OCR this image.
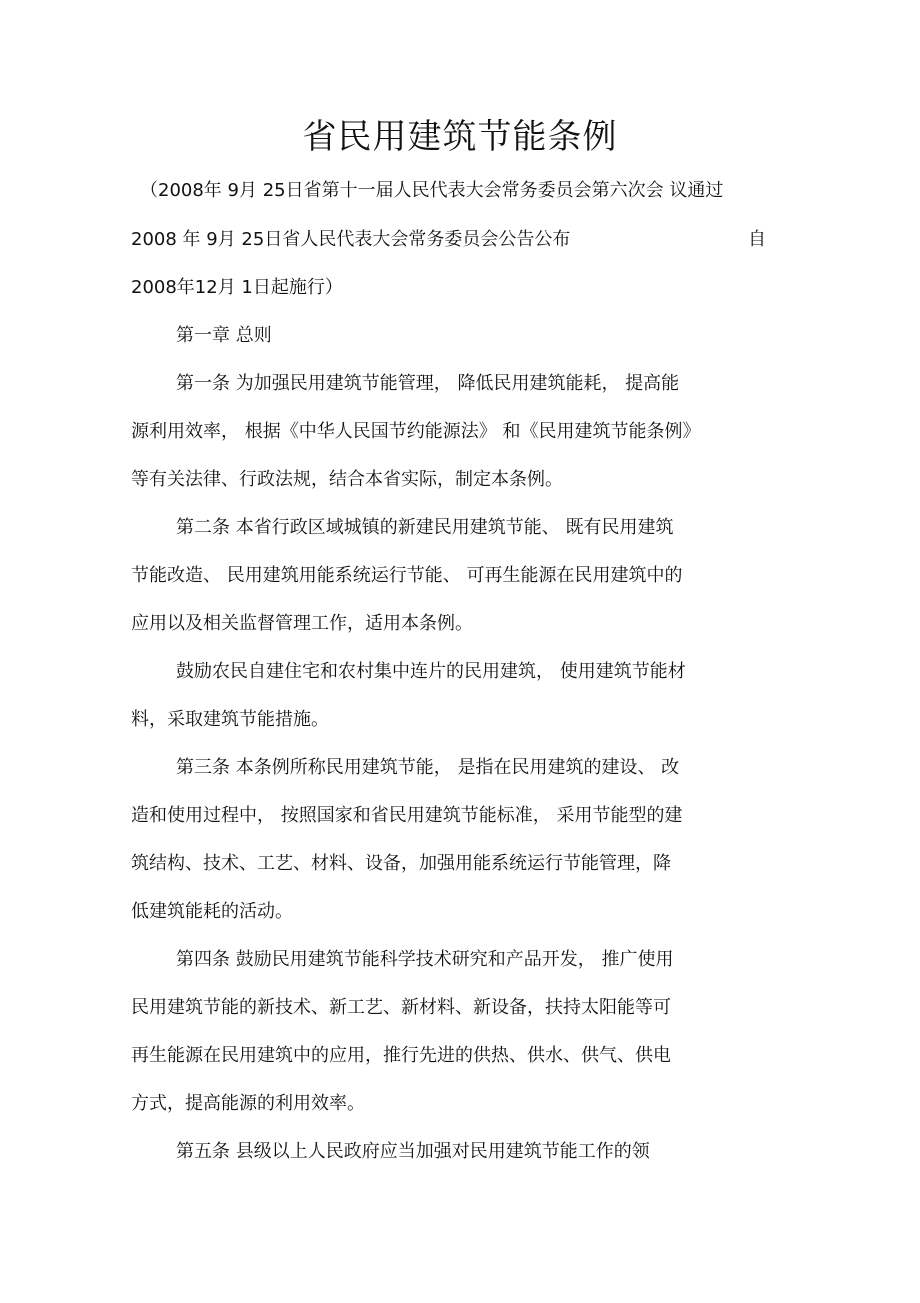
省民用建筑节能条例

（2008年 9月 25日省第十一届人民代表大会常务委员会第六次会 议通过

2008 年 9月 25日省人民代表大会常务委员会公告公布	自

2008年12月 1日起施行）

第一章 总则

第一条 为加强民用建筑节能管理， 降低民用建筑能耗， 提高能

源利用效率， 根据《中华人民国节约能源法》 和《民用建筑节能条例》

等有关法律、行政法规，结合本省实际，制定本条例。

第二条 本省行政区域城镇的新建民用建筑节能、 既有民用建筑

节能改造、 民用建筑用能系统运行节能、 可再生能源在民用建筑中的

应用以及相关监督管理工作，适用本条例。

鼓励农民自建住宅和农村集中连片的民用建筑， 使用建筑节能材

料，采取建筑节能措施。

第三条 本条例所称民用建筑节能， 是指在民用建筑的建设、 改

造和使用过程中， 按照国家和省民用建筑节能标准， 采用节能型的建

筑结构、技术、工艺、材料、设备，加强用能系统运行节能管理，降

低建筑能耗的活动。

第四条 鼓励民用建筑节能科学技术研究和产品开发， 推广使用

民用建筑节能的新技术、新工艺、新材料、新设备，扶持太阳能等可

再生能源在民用建筑中的应用，推行先进的供热、供水、供气、供电

方式，提高能源的利用效率。

第五条 县级以上人民政府应当加强对民用建筑节能工作的领
